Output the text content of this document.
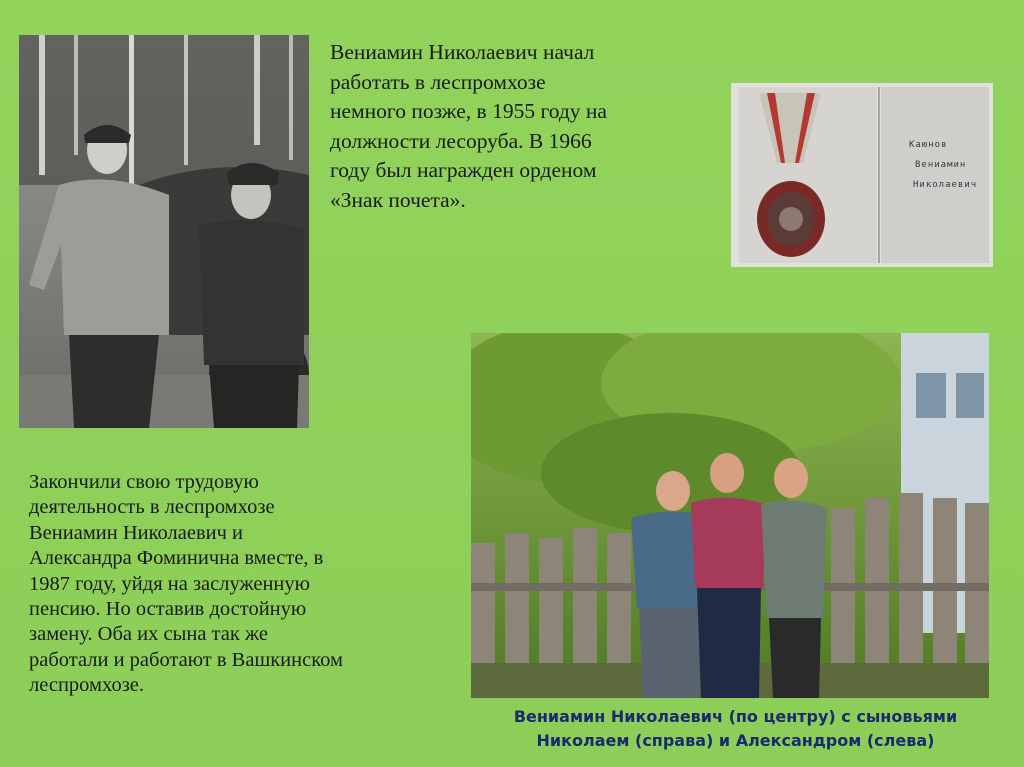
Вениамин Николаевич начал
работать в леспромхозе
немного позже, в 1955 году на
должности лесоруба. В 1966
году был награжден орденом
«Знак почета».

Каюнов
Вениамин
Николаевич

Закончили свою трудовую
деятельность в леспромхозе
Вениамин Николаевич и
Александра Фоминична вместе, в
1987 году, уйдя на заслуженную
пенсию. Но оставив достойную
замену. Оба их сына так же
работали и работают в Вашкинском
леспромхозе.

Вениамин Николаевич (по центру) с сыновьями
Николаем (справа) и Александром (слева)
